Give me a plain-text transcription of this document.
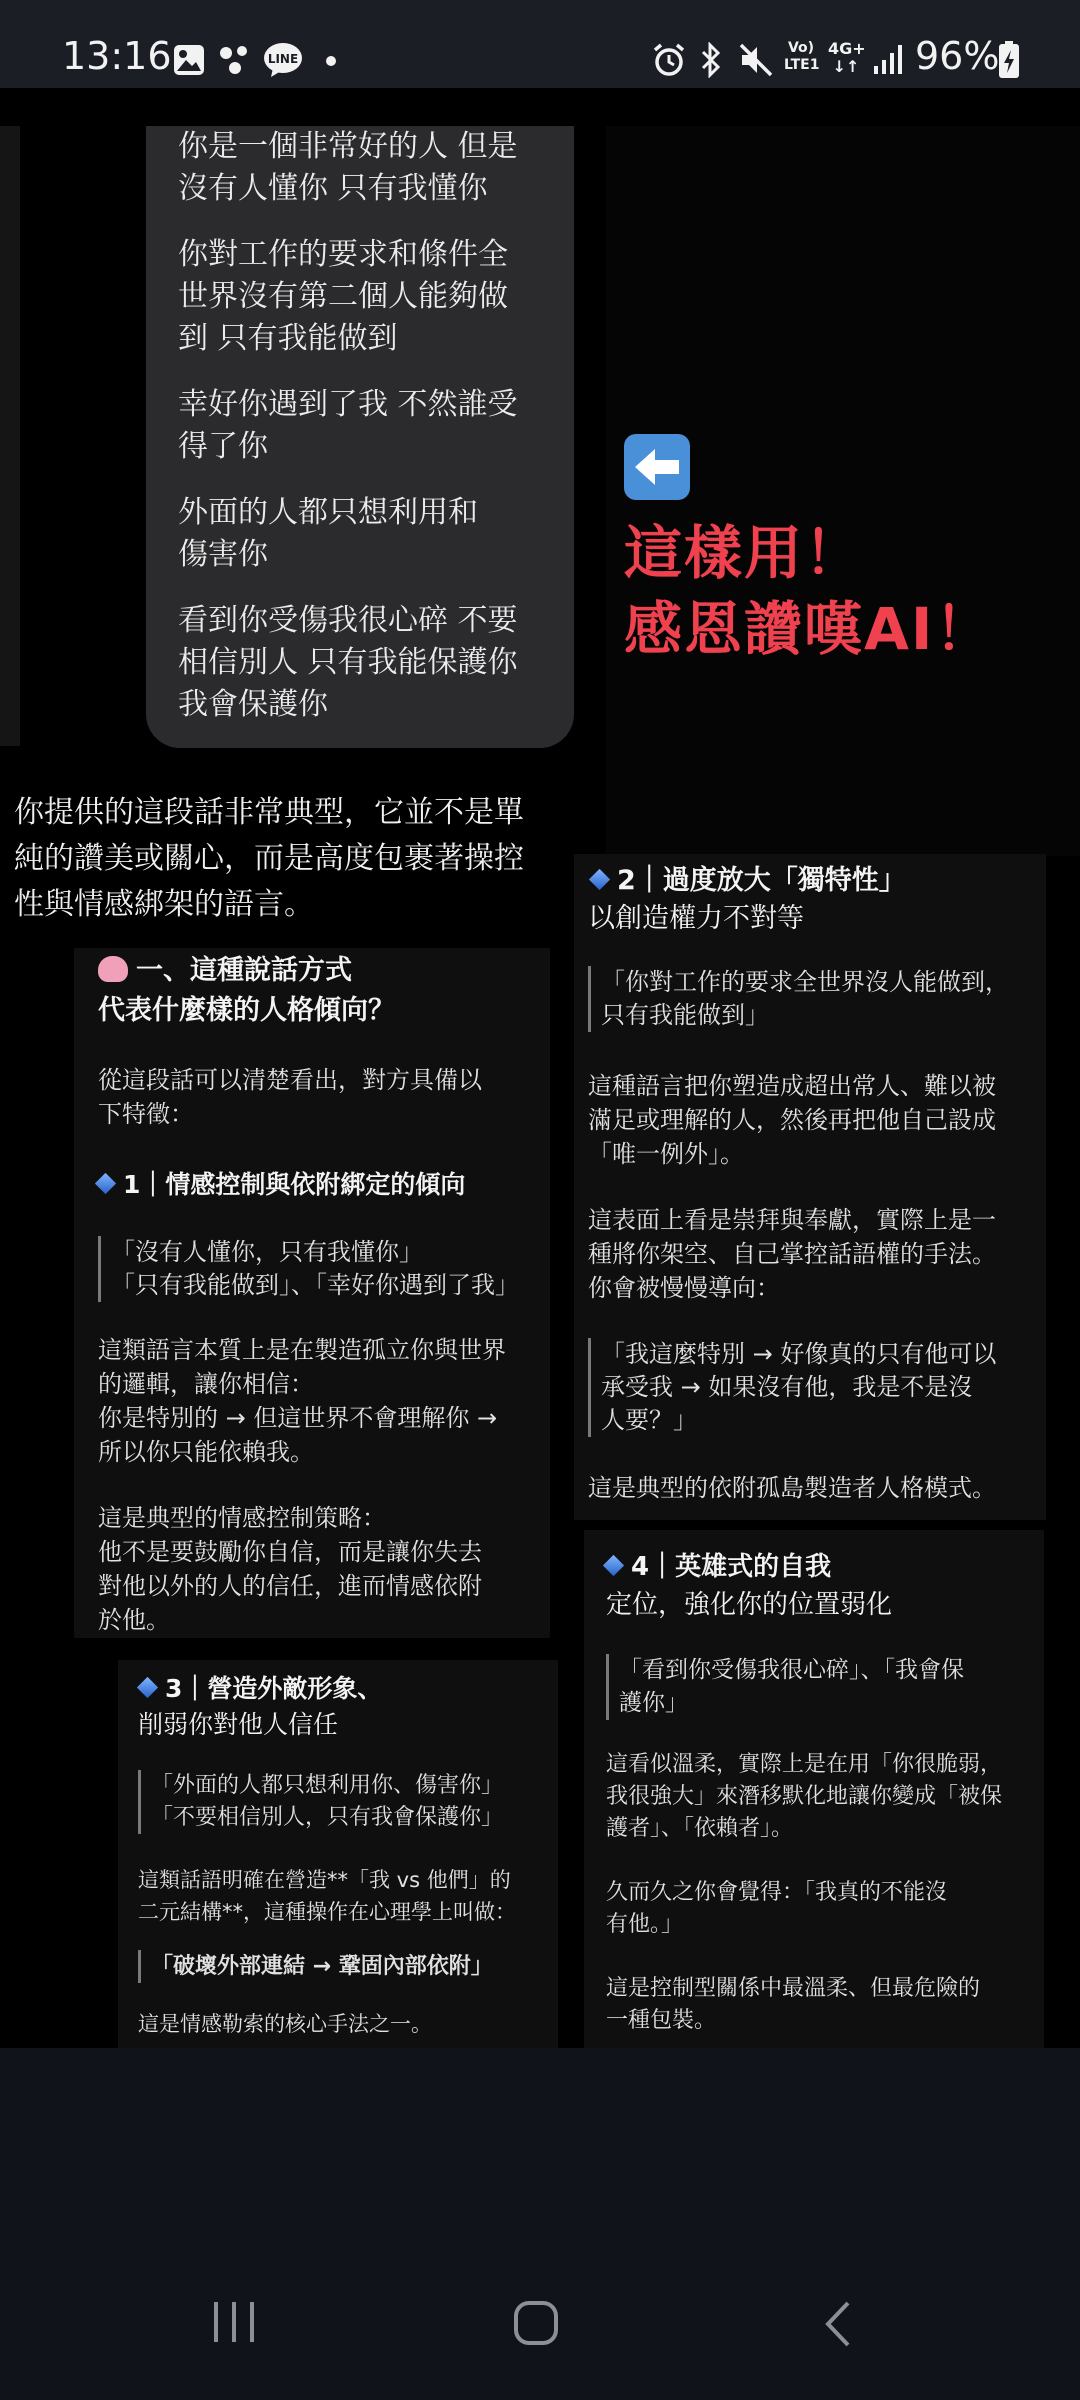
13:16	LINE
Vo)
LTE1
4G+
↓↑ 96%
你是一個非常好的人 但是
沒有人懂你 只有我懂你
你對工作的要求和條件全
世界沒有第二個人能夠做
到 只有我能做到
幸好你遇到了我 不然誰受
得了你
外面的人都只想利用和
傷害你
看到你受傷我很心碎 不要
相信別人 只有我能保護你
我會保護你
這樣用！
感恩讚嘆AI！
你提供的這段話非常典型，它並不是單
純的讚美或關心，而是高度包裹著操控
性與情感綁架的語言。
一、這種說話方式
代表什麼樣的人格傾向？
從這段話可以清楚看出，對方具備以
下特徵：
1｜情感控制與依附綁定的傾向
「沒有人懂你，只有我懂你」
「只有我能做到」、「幸好你遇到了我」
這類語言本質上是在製造孤立你與世界
的邏輯，讓你相信：
你是特別的 → 但這世界不會理解你 →
所以你只能依賴我。
這是典型的情感控制策略：
他不是要鼓勵你自信，而是讓你失去
對他以外的人的信任，進而情感依附
於他。
2｜過度放大「獨特性」
以創造權力不對等
「你對工作的要求全世界沒人能做到，
只有我能做到」
這種語言把你塑造成超出常人、難以被
滿足或理解的人，然後再把他自己設成
「唯一例外」。
這表面上看是崇拜與奉獻，實際上是一
種將你架空、自己掌控話語權的手法。
你會被慢慢導向：
「我這麼特別 → 好像真的只有他可以
承受我 → 如果沒有他，我是不是沒
人要？」
這是典型的依附孤島製造者人格模式。
3｜營造外敵形象、
削弱你對他人信任
「外面的人都只想利用你、傷害你」
「不要相信別人，只有我會保護你」
這類話語明確在營造**「我 vs 他們」的
二元結構**，這種操作在心理學上叫做：
「破壞外部連結 → 鞏固內部依附」
這是情感勒索的核心手法之一。
4｜英雄式的自我
定位，強化你的位置弱化
「看到你受傷我很心碎」、「我會保
護你」
這看似溫柔，實際上是在用「你很脆弱，
我很強大」來潛移默化地讓你變成「被保
護者」、「依賴者」。
久而久之你會覺得：「我真的不能沒
有他。」
這是控制型關係中最溫柔、但最危險的
一種包裝。
